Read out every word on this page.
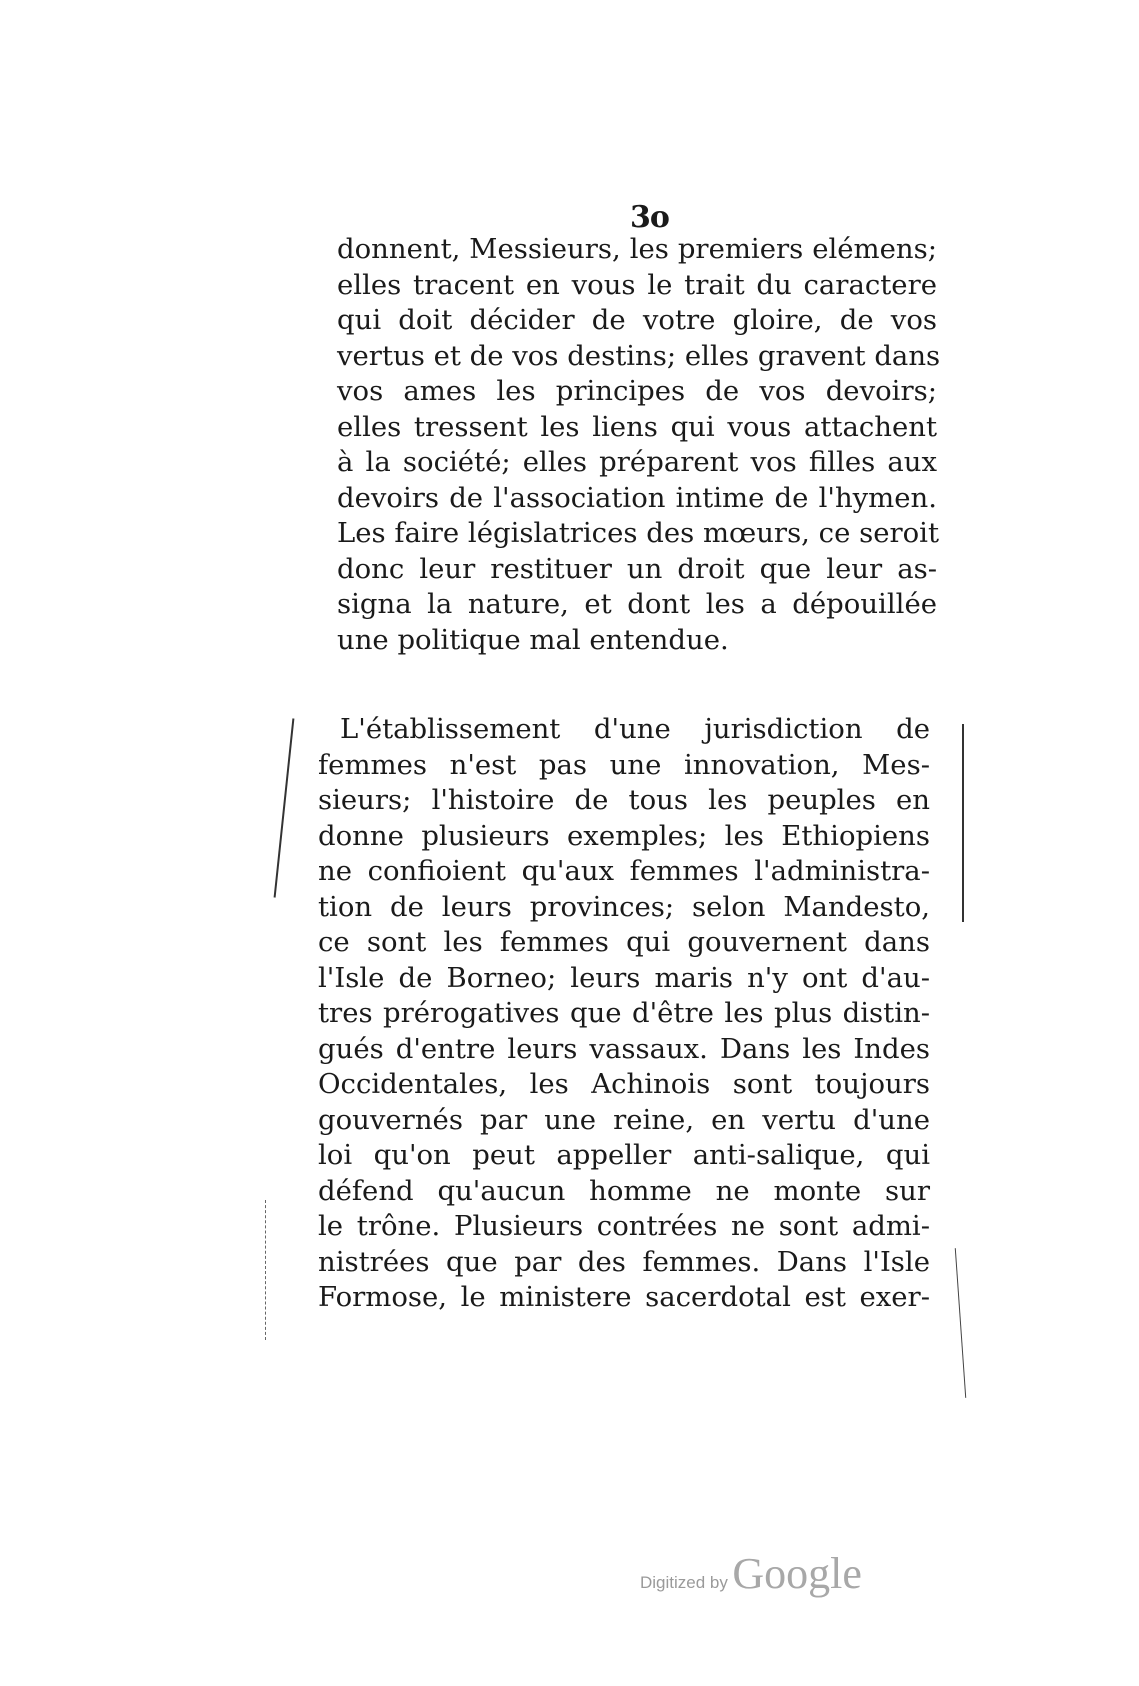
3o
donnent, Messieurs, les premiers elémens;
elles tracent en vous le trait du caractere
qui doit décider de votre gloire, de vos
vertus et de vos destins; elles gravent dans
vos ames les principes de vos devoirs;
elles tressent les liens qui vous attachent
à la société; elles préparent vos filles aux
devoirs de l'association intime de l'hymen.
Les faire législatrices des mœurs, ce seroit
donc leur restituer un droit que leur as-
signa la nature, et dont les a dépouillée
une politique mal entendue.
L'établissement d'une jurisdiction de
femmes n'est pas une innovation, Mes-
sieurs; l'histoire de tous les peuples en
donne plusieurs exemples; les Ethiopiens
ne confioient qu'aux femmes l'administra-
tion de leurs provinces; selon Mandesto,
ce sont les femmes qui gouvernent dans
l'Isle de Borneo; leurs maris n'y ont d'au-
tres prérogatives que d'être les plus distin-
gués d'entre leurs vassaux. Dans les Indes
Occidentales, les Achinois sont toujours
gouvernés par une reine, en vertu d'une
loi qu'on peut appeller anti-salique, qui
défend qu'aucun homme ne monte sur
le trône. Plusieurs contrées ne sont admi-
nistrées que par des femmes. Dans l'Isle
Formose, le ministere sacerdotal est exer-
Digitized by Google
